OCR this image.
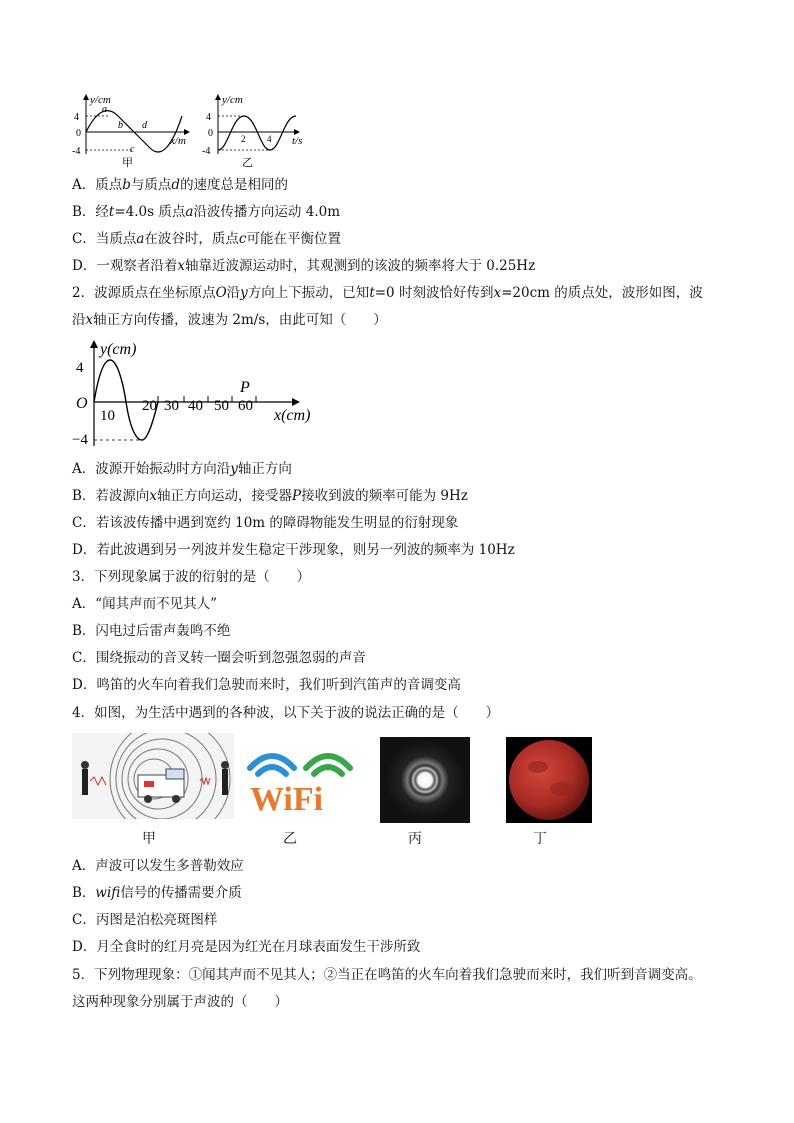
y/cm
4
0
-4
a
b
c
d
x/m
甲
y/cm
4
0
-4
2 4 t/s
乙
A．质点b与质点d的速度总是相同的
B．经t=4.0s 质点a沿波传播方向运动 4.0m
C．当质点a在波谷时，质点c可能在平衡位置
D．一观察者沿着x轴靠近波源运动时，其观测到的该波的频率将大于 0.25Hz
2．波源质点在坐标原点O沿y方向上下振动，已知t=0 时刻波恰好传到x=20cm 的质点处，波形如图，波
沿x轴正方向传播，波速为 2m/s，由此可知（　　）
y(cm)
4
O
−4
10
20 30 40 50 60
P
x(cm)
A．波源开始振动时方向沿y轴正方向
B．若波源向x轴正方向运动，接受器P接收到波的频率可能为 9Hz
C．若该波传播中遇到宽约 10m 的障碍物能发生明显的衍射现象
D．若此波遇到另一列波并发生稳定干涉现象，则另一列波的频率为 10Hz
3．下列现象属于波的衍射的是（　　）
A．“闻其声而不见其人”
B．闪电过后雷声轰鸣不绝
C．围绕振动的音叉转一圈会听到忽强忽弱的声音
D．鸣笛的火车向着我们急驶而来时，我们听到汽笛声的音调变高
4．如图，为生活中遇到的各种波，以下关于波的说法正确的是（　　）
WiFi
甲	乙	丙	丁
A．声波可以发生多普勒效应
B．wifi信号的传播需要介质
C．丙图是泊松亮斑图样
D．月全食时的红月亮是因为红光在月球表面发生干涉所致
5．下列物理现象：①闻其声而不见其人；②当正在鸣笛的火车向着我们急驶而来时，我们听到音调变高。
这两种现象分别属于声波的（　　）
